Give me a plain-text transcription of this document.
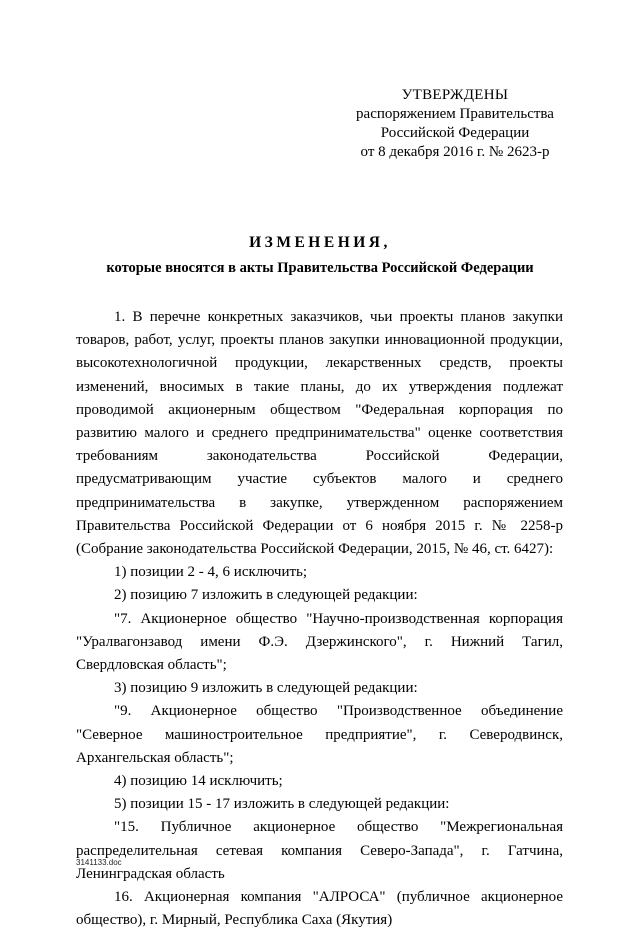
УТВЕРЖДЕНЫ
распоряжением Правительства
Российской Федерации
от 8 декабря 2016 г. № 2623-р
ИЗМЕНЕНИЯ,
которые вносятся в акты Правительства Российской Федерации

1. В перечне конкретных заказчиков, чьи проекты планов закупки товаров, работ, услуг, проекты планов закупки инновационной продукции, высокотехнологичной продукции, лекарственных средств, проекты изменений, вносимых в такие планы, до их утверждения подлежат проводимой акционерным обществом "Федеральная корпорация по развитию малого и среднего предпринимательства" оценке соответствия требованиям законодательства Российской Федерации, предусматривающим участие субъектов малого и среднего предпринимательства в закупке, утвержденном распоряжением Правительства Российской Федерации от 6 ноября 2015 г. № 2258-р (Собрание законодательства Российской Федерации, 2015, № 46, ст. 6427):

1) позиции 2 - 4, 6 исключить;

2) позицию 7 изложить в следующей редакции:

"7. Акционерное общество "Научно-производственная корпорация "Уралвагонзавод имени Ф.Э. Дзержинского", г. Нижний Тагил, Свердловская область";

3) позицию 9 изложить в следующей редакции:

"9. Акционерное общество "Производственное объединение "Северное машиностроительное предприятие", г. Северодвинск, Архангельская область";

4) позицию 14 исключить;

5) позиции 15 - 17 изложить в следующей редакции:

"15. Публичное акционерное общество "Межрегиональная распределительная сетевая компания Северо-Запада", г. Гатчина, Ленинградская область

16. Акционерная компания "АЛРОСА" (публичное акционерное общество), г. Мирный, Республика Саха (Якутия)

3141133.doc
